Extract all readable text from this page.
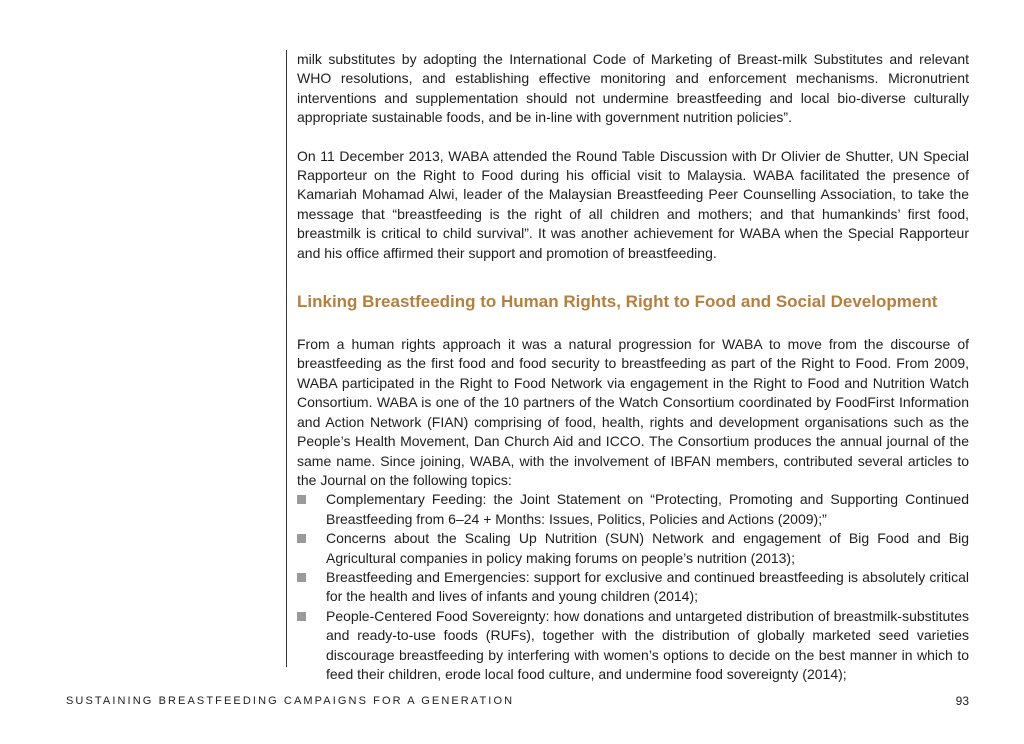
milk substitutes by adopting the International Code of Marketing of Breast-milk Substitutes and relevant WHO resolutions, and establishing effective monitoring and enforcement mechanisms. Micronutrient interventions and supplementation should not undermine breastfeeding and local bio-diverse culturally appropriate sustainable foods, and be in-line with government nutrition policies”.

On 11 December 2013, WABA attended the Round Table Discussion with Dr Olivier de Shutter, UN Special Rapporteur on the Right to Food during his official visit to Malaysia. WABA facilitated the presence of Kamariah Mohamad Alwi, leader of the Malaysian Breastfeeding Peer Counselling Association, to take the message that “breastfeeding is the right of all children and mothers; and that humankinds’ first food, breastmilk is critical to child survival”. It was another achievement for WABA when the Special Rapporteur and his office affirmed their support and promotion of breastfeeding.

Linking Breastfeeding to Human Rights, Right to Food and Social Development

From a human rights approach it was a natural progression for WABA to move from the discourse of breastfeeding as the first food and food security to breastfeeding as part of the Right to Food. From 2009, WABA participated in the Right to Food Network via engagement in the Right to Food and Nutrition Watch Consortium. WABA is one of the 10 partners of the Watch Consortium coordinated by FoodFirst Information and Action Network (FIAN) comprising of food, health, rights and development organisations such as the People’s Health Movement, Dan Church Aid and ICCO. The Consortium produces the annual journal of the same name. Since joining, WABA, with the involvement of IBFAN members, contributed several articles to the Journal on the following topics:

Complementary Feeding: the Joint Statement on “Protecting, Promoting and Supporting Continued Breastfeeding from 6–24 + Months: Issues, Politics, Policies and Actions (2009);”
Concerns about the Scaling Up Nutrition (SUN) Network and engagement of Big Food and Big Agricultural companies in policy making forums on people’s nutrition (2013);
Breastfeeding and Emergencies: support for exclusive and continued breastfeeding is absolutely critical for the health and lives of infants and young children (2014);
People-Centered Food Sovereignty: how donations and untargeted distribution of breastmilk-substitutes and ready-to-use foods (RUFs), together with the distribution of globally marketed seed varieties discourage breastfeeding by interfering with women’s options to decide on the best manner in which to feed their children, erode local food culture, and undermine food sovereignty (2014);
SUSTAINING BREASTFEEDING CAMPAIGNS FOR A GENERATION	93
